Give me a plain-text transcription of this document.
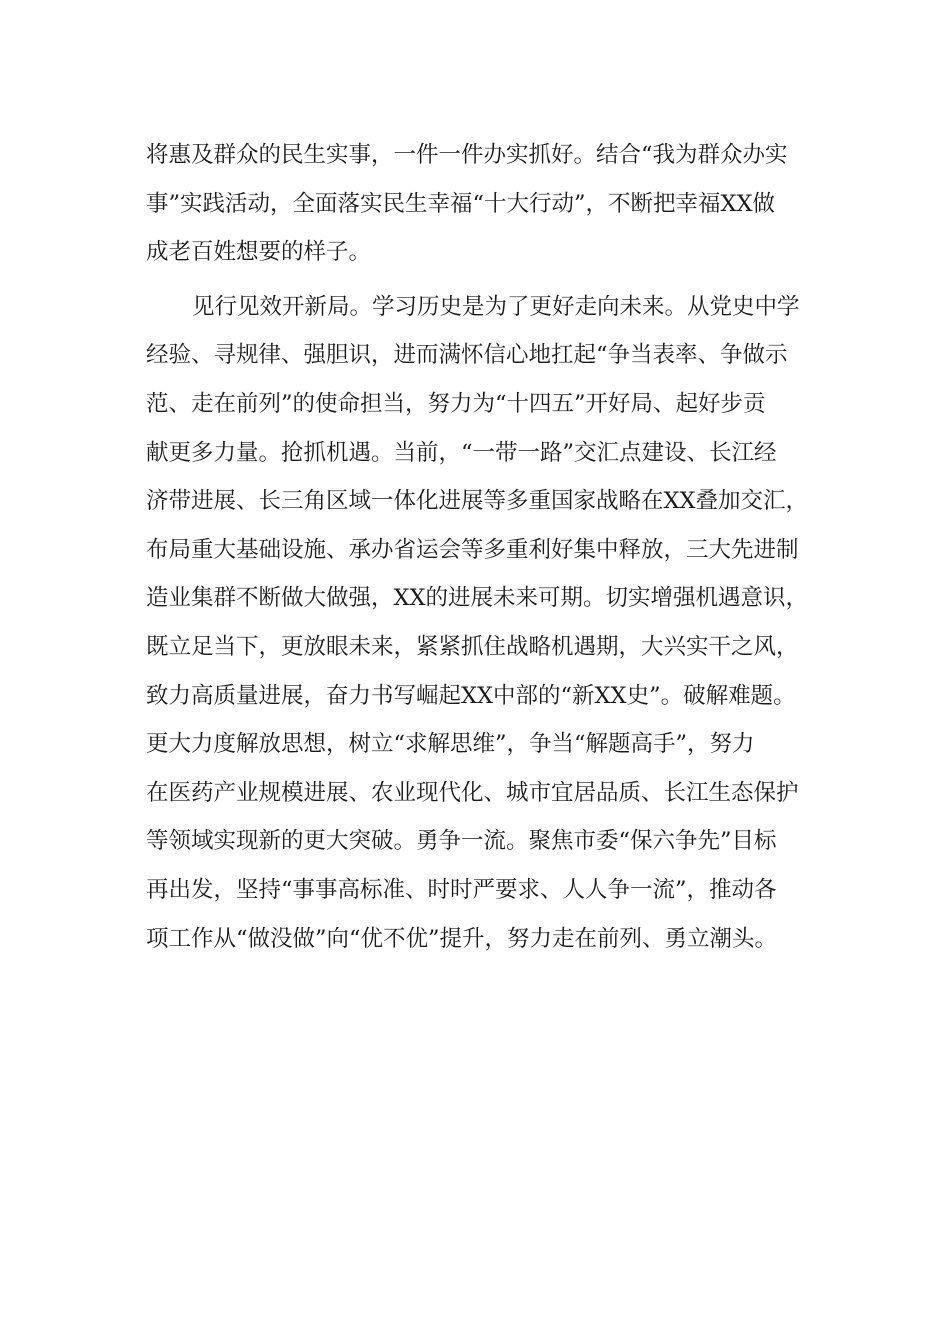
将惠及群众的民生实事，一件一件办实抓好。结合“我为群众办实
事”实践活动，全面落实民生幸福“十大行动”，不断把幸福XX做
成老百姓想要的样子。
见行见效开新局。学习历史是为了更好走向未来。从党史中学
经验、寻规律、强胆识，进而满怀信心地扛起“争当表率、争做示
范、走在前列”的使命担当，努力为“十四五”开好局、起好步贡
献更多力量。抢抓机遇。当前，“一带一路”交汇点建设、长江经
济带进展、长三角区域一体化进展等多重国家战略在XX叠加交汇，
布局重大基础设施、承办省运会等多重利好集中释放，三大先进制
造业集群不断做大做强，XX的进展未来可期。切实增强机遇意识，
既立足当下，更放眼未来，紧紧抓住战略机遇期，大兴实干之风，
致力高质量进展，奋力书写崛起XX中部的“新XX史”。破解难题。
更大力度解放思想，树立“求解思维”，争当“解题高手”，努力
在医药产业规模进展、农业现代化、城市宜居品质、长江生态保护
等领域实现新的更大突破。勇争一流。聚焦市委“保六争先”目标
再出发，坚持“事事高标准、时时严要求、人人争一流”，推动各
项工作从“做没做”向“优不优”提升，努力走在前列、勇立潮头。
